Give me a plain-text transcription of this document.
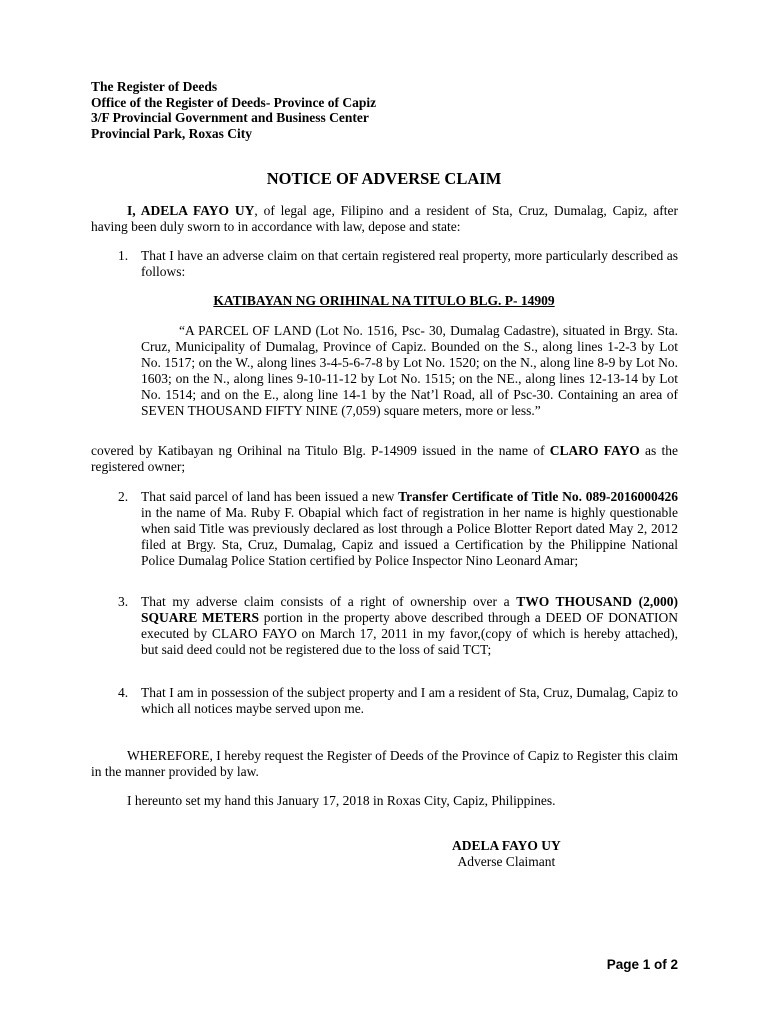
The Register of Deeds
Office of the Register of Deeds- Province of Capiz
3/F Provincial Government and Business Center
Provincial Park, Roxas City
NOTICE OF ADVERSE CLAIM
I, ADELA FAYO UY, of legal age, Filipino and a resident of Sta, Cruz, Dumalag, Capiz, after having been duly sworn to in accordance with law, depose and state:
1. That I have an adverse claim on that certain registered real property, more particularly described as follows:
KATIBAYAN NG ORIHINAL NA TITULO BLG. P- 14909
“A PARCEL OF LAND (Lot No. 1516, Psc- 30, Dumalag Cadastre), situated in Brgy. Sta. Cruz, Municipality of Dumalag, Province of Capiz. Bounded on the S., along lines 1-2-3 by Lot No. 1517; on the W., along lines 3-4-5-6-7-8 by Lot No. 1520; on the N., along line 8-9 by Lot No. 1603; on the N., along lines 9-10-11-12 by Lot No. 1515; on the NE., along lines 12-13-14 by Lot No. 1514; and on the E., along line 14-1 by the Nat’l Road, all of Psc-30. Containing an area of SEVEN THOUSAND FIFTY NINE (7,059) square meters, more or less.”
covered by Katibayan ng Orihinal na Titulo Blg. P-14909 issued in the name of CLARO FAYO as the registered owner;
2. That said parcel of land has been issued a new Transfer Certificate of Title No. 089-2016000426 in the name of Ma. Ruby F. Obapial which fact of registration in her name is highly questionable when said Title was previously declared as lost through a Police Blotter Report dated May 2, 2012 filed at Brgy. Sta, Cruz, Dumalag, Capiz and issued a Certification by the Philippine National Police Dumalag Police Station certified by Police Inspector Nino Leonard Amar;
3. That my adverse claim consists of a right of ownership over a TWO THOUSAND (2,000) SQUARE METERS portion in the property above described through a DEED OF DONATION executed by CLARO FAYO on March 17, 2011 in my favor,(copy of which is hereby attached), but said deed could not be registered due to the loss of said TCT;
4. That I am in possession of the subject property and I am a resident of Sta, Cruz, Dumalag, Capiz to which all notices maybe served upon me.
WHEREFORE, I hereby request the Register of Deeds of the Province of Capiz to Register this claim in the manner provided by law.
I hereunto set my hand this January 17, 2018 in Roxas City, Capiz, Philippines.
ADELA FAYO UY
Adverse Claimant
Page 1 of 2
